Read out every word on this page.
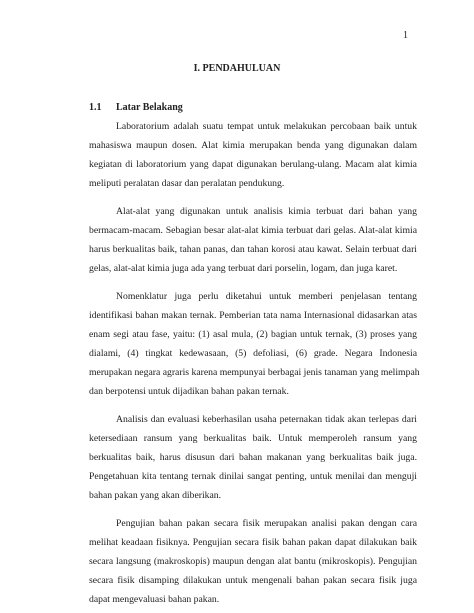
1
I. PENDAHULUAN
1.1 Latar Belakang
Laboratorium adalah suatu tempat untuk melakukan percobaan baik untuk
mahasiswa maupun dosen. Alat kimia merupakan benda yang digunakan dalam
kegiatan di laboratorium yang dapat digunakan berulang-ulang. Macam alat kimia
meliputi peralatan dasar dan peralatan pendukung.
Alat-alat yang digunakan untuk analisis kimia terbuat dari bahan yang
bermacam-macam. Sebagian besar alat-alat kimia terbuat dari gelas. Alat-alat kimia
harus berkualitas baik, tahan panas, dan tahan korosi atau kawat. Selain terbuat dari
gelas, alat-alat kimia juga ada yang terbuat dari porselin, logam, dan juga karet.
Nomenklatur juga perlu diketahui untuk memberi penjelasan tentang
identifikasi bahan makan ternak. Pemberian tata nama Internasional didasarkan atas
enam segi atau fase, yaitu: (1) asal mula, (2) bagian untuk ternak, (3) proses yang
dialami, (4) tingkat kedewasaan, (5) defoliasi, (6) grade. Negara Indonesia
merupakan negara agraris karena mempunyai berbagai jenis tanaman yang melimpah
dan berpotensi untuk dijadikan bahan pakan ternak.
Analisis dan evaluasi keberhasilan usaha peternakan tidak akan terlepas dari
ketersediaan ransum yang berkualitas baik. Untuk memperoleh ransum yang
berkualitas baik, harus disusun dari bahan makanan yang berkualitas baik juga.
Pengetahuan kita tentang ternak dinilai sangat penting, untuk menilai dan menguji
bahan pakan yang akan diberikan.
Pengujian bahan pakan secara fisik merupakan analisi pakan dengan cara
melihat keadaan fisiknya. Pengujian secara fisik bahan pakan dapat dilakukan baik
secara langsung (makroskopis) maupun dengan alat bantu (mikroskopis). Pengujian
secara fisik disamping dilakukan untuk mengenali bahan pakan secara fisik juga
dapat mengevaluasi bahan pakan.
